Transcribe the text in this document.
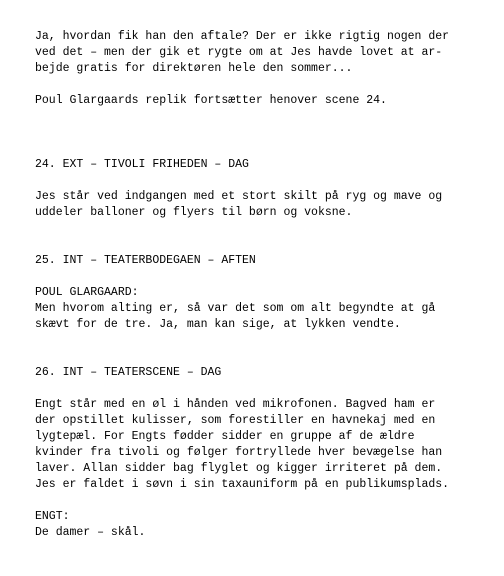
Ja, hvordan fik han den aftale? Der er ikke rigtig nogen der
ved det – men der gik et rygte om at Jes havde lovet at ar-
bejde gratis for direktøren hele den sommer...
Poul Glargaards replik fortsætter henover scene 24.
24. EXT – TIVOLI FRIHEDEN – DAG
Jes står ved indgangen med et stort skilt på ryg og mave og
uddeler balloner og flyers til børn og voksne.
25. INT – TEATERBODEGAEN – AFTEN
POUL GLARGAARD:
Men hvorom alting er, så var det som om alt begyndte at gå
skævt for de tre. Ja, man kan sige, at lykken vendte.
26. INT – TEATERSCENE – DAG
Engt står med en øl i hånden ved mikrofonen. Bagved ham er
der opstillet kulisser, som forestiller en havnekaj med en
lygtepæl. For Engts fødder sidder en gruppe af de ældre
kvinder fra tivoli og følger fortryllede hver bevægelse han
laver. Allan sidder bag flyglet og kigger irriteret på dem.
Jes er faldet i søvn i sin taxauniform på en publikumsplads.
ENGT:
De damer – skål.
